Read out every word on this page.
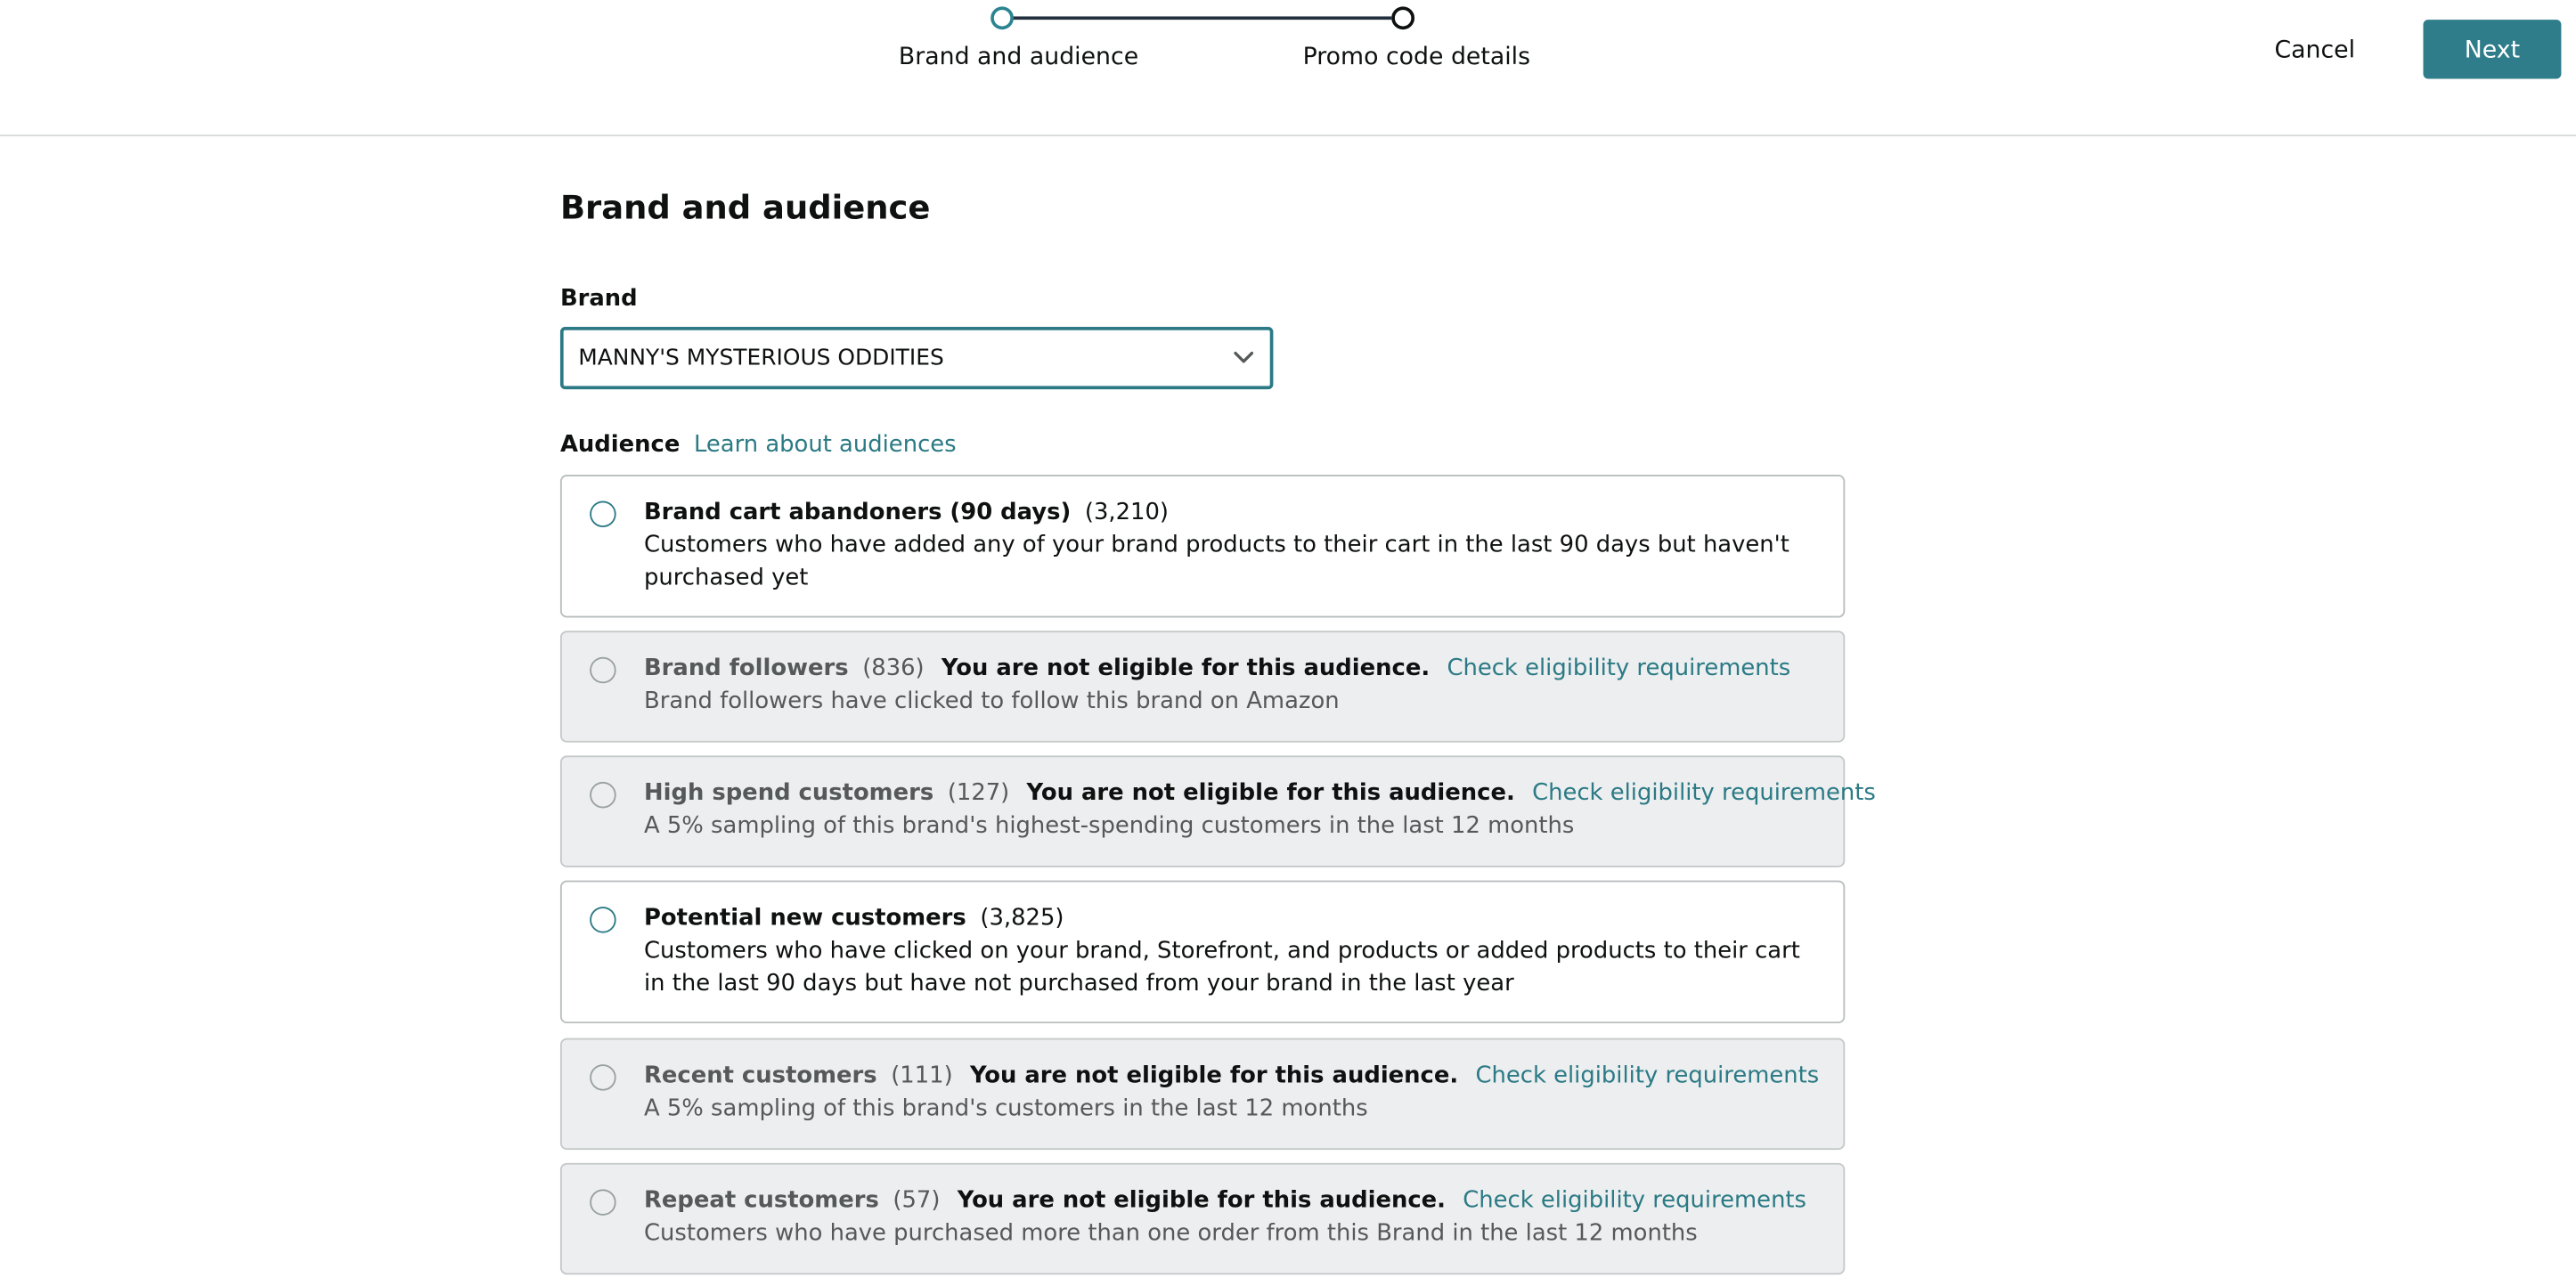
Brand and audience	Promo code details	Cancel	Next
Brand and audience
Brand
MANNY'S MYSTERIOUS ODDITIES
Audience Learn about audiences
Brand cart abandoners (90 days) (3,210)
Customers who have added any of your brand products to their cart in the last 90 days but haven't purchased yet
Brand followers (836) You are not eligible for this audience. Check eligibility requirements
Brand followers have clicked to follow this brand on Amazon
High spend customers (127) You are not eligible for this audience. Check eligibility requirements
A 5% sampling of this brand's highest-spending customers in the last 12 months
Potential new customers (3,825)
Customers who have clicked on your brand, Storefront, and products or added products to their cart in the last 90 days but have not purchased from your brand in the last year
Recent customers (111) You are not eligible for this audience. Check eligibility requirements
A 5% sampling of this brand's customers in the last 12 months
Repeat customers (57) You are not eligible for this audience. Check eligibility requirements
Customers who have purchased more than one order from this Brand in the last 12 months
